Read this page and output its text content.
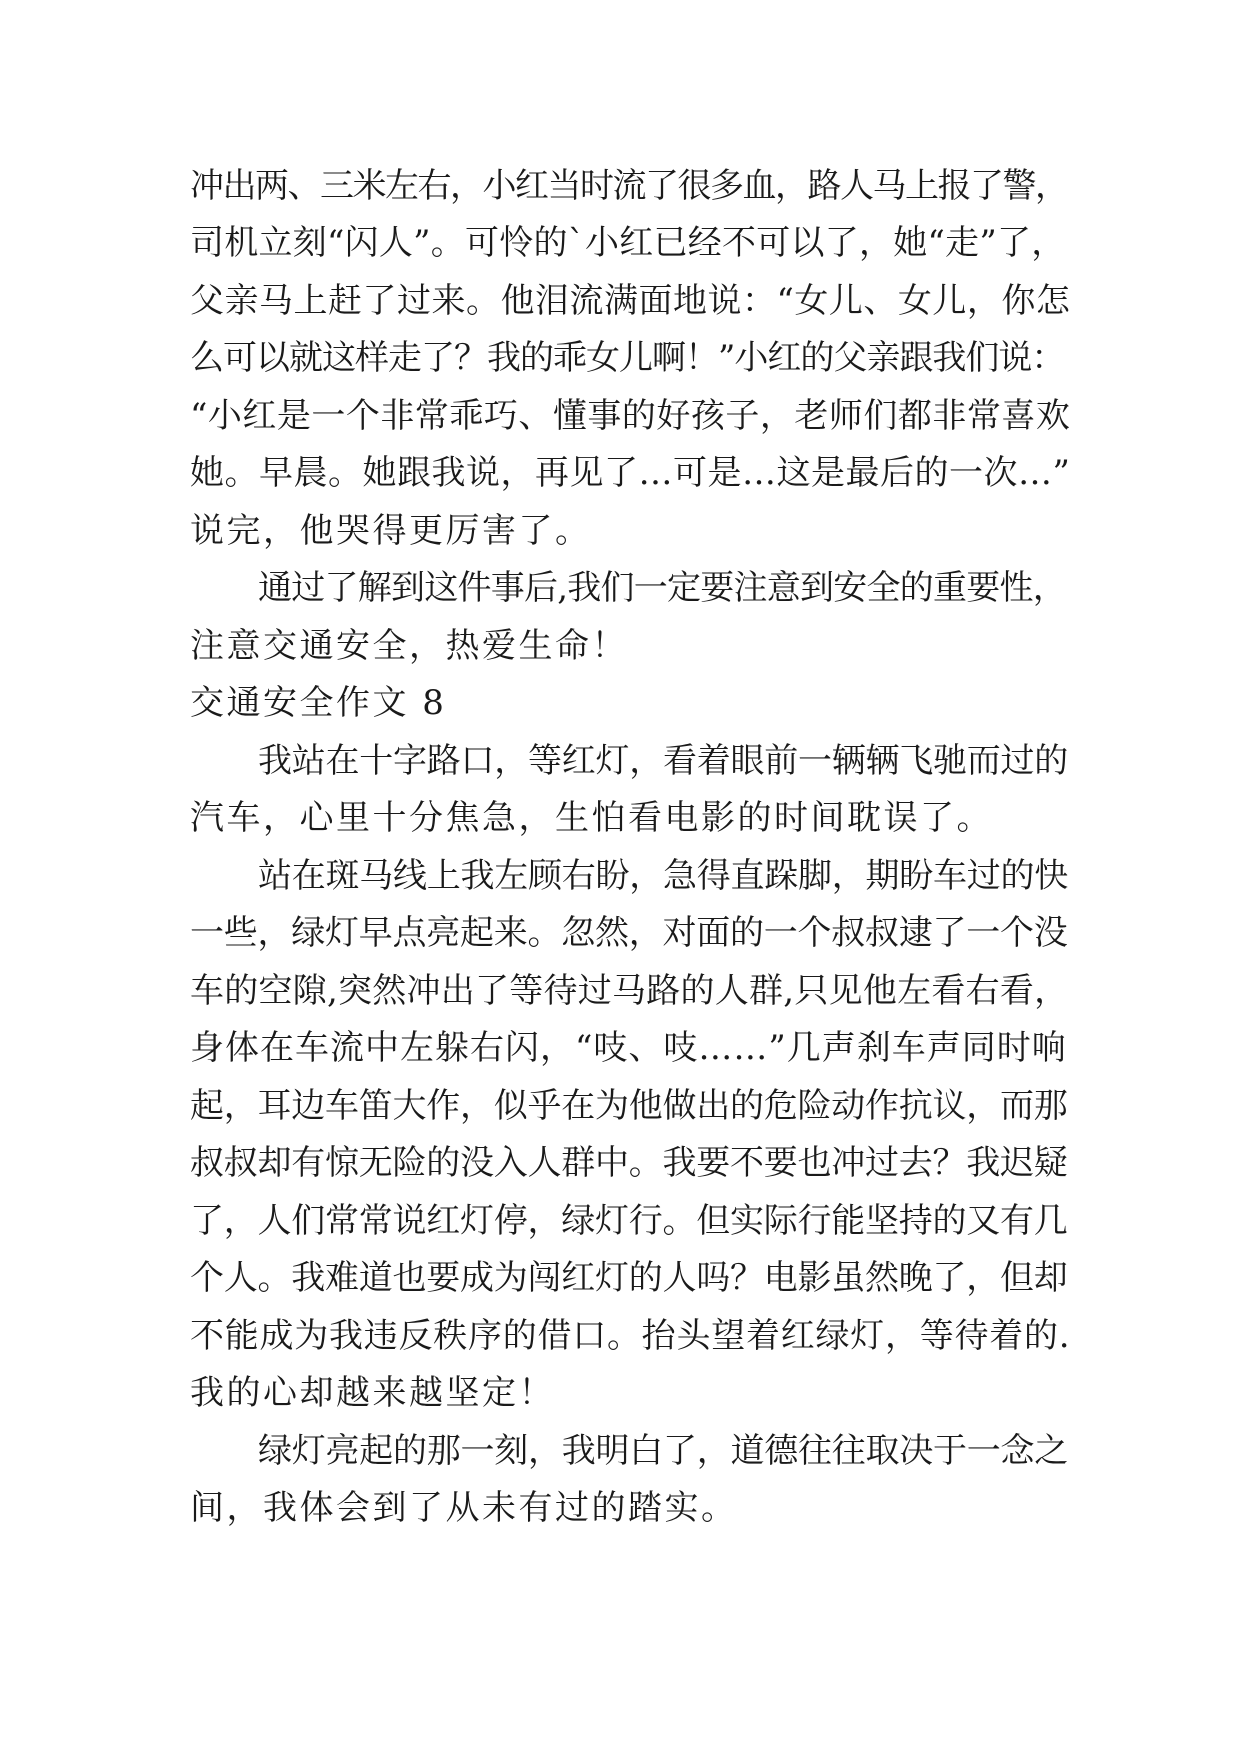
冲出两、三米左右，小红当时流了很多血，路人马上报了警，
司机立刻“闪人”。可怜的`小红已经不可以了，她“走”了，
父亲马上赶了过来。他泪流满面地说：“女儿、女儿，你怎
么可以就这样走了？我的乖女儿啊！”小红的父亲跟我们说：
“小红是一个非常乖巧、懂事的好孩子，老师们都非常喜欢
她。早晨。她跟我说，再见了…可是…这是最后的一次…”
说完，他哭得更厉害了。
通过了解到这件事后,我们一定要注意到安全的重要性，
注意交通安全，热爱生命！
交通安全作文 8
我站在十字路口，等红灯，看着眼前一辆辆飞驰而过的
汽车，心里十分焦急，生怕看电影的时间耽误了。
站在斑马线上我左顾右盼，急得直跺脚，期盼车过的快
一些，绿灯早点亮起来。忽然，对面的一个叔叔逮了一个没
车的空隙,突然冲出了等待过马路的人群,只见他左看右看，
身体在车流中左躲右闪，“吱、吱……”几声刹车声同时响
起，耳边车笛大作，似乎在为他做出的危险动作抗议，而那
叔叔却有惊无险的没入人群中。我要不要也冲过去？我迟疑
了，人们常常说红灯停，绿灯行。但实际行能坚持的又有几
个人。我难道也要成为闯红灯的人吗？电影虽然晚了，但却
不能成为我违反秩序的借口。抬头望着红绿灯，等待着的.
我的心却越来越坚定！
绿灯亮起的那一刻，我明白了，道德往往取决于一念之
间，我体会到了从未有过的踏实。
